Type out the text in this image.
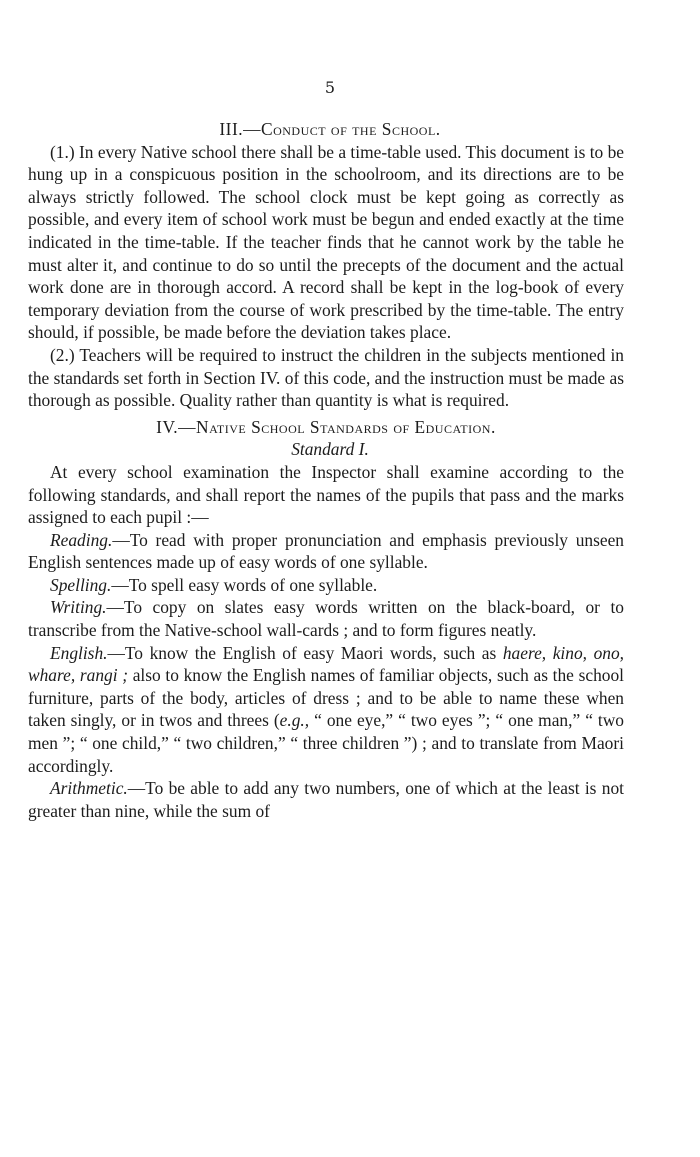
5
III.—Conduct of the School.

(1.) In every Native school there shall be a time-table used. This document is to be hung up in a conspicuous position in the schoolroom, and its directions are to be always strictly followed. The school clock must be kept going as correctly as possible, and every item of school work must be begun and ended exactly at the time indicated in the time-table. If the teacher finds that he cannot work by the table he must alter it, and continue to do so until the precepts of the document and the actual work done are in thorough accord. A record shall be kept in the log-book of every temporary deviation from the course of work prescribed by the time-table. The entry should, if possible, be made before the deviation takes place.

(2.) Teachers will be required to instruct the children in the subjects mentioned in the standards set forth in Section IV. of this code, and the instruction must be made as thorough as possible. Quality rather than quantity is what is required.

IV.—Native School Standards of Education.
Standard I.

At every school examination the Inspector shall examine according to the following standards, and shall report the names of the pupils that pass and the marks assigned to each pupil :—

Reading.—To read with proper pronunciation and emphasis previously unseen English sentences made up of easy words of one syllable.

Spelling.—To spell easy words of one syllable.

Writing.—To copy on slates easy words written on the black-board, or to transcribe from the Native-school wall-cards ; and to form figures neatly.

English.—To know the English of easy Maori words, such as haere, kino, ono, whare, rangi ; also to know the English names of familiar objects, such as the school furniture, parts of the body, articles of dress ; and to be able to name these when taken singly, or in twos and threes (e.g., “ one eye,” “ two eyes ”; “ one man,” “ two men ”; “ one child,” “ two children,” “ three children ”) ; and to translate from Maori accordingly.

Arithmetic.—To be able to add any two numbers, one of which at the least is not greater than nine, while the sum of
